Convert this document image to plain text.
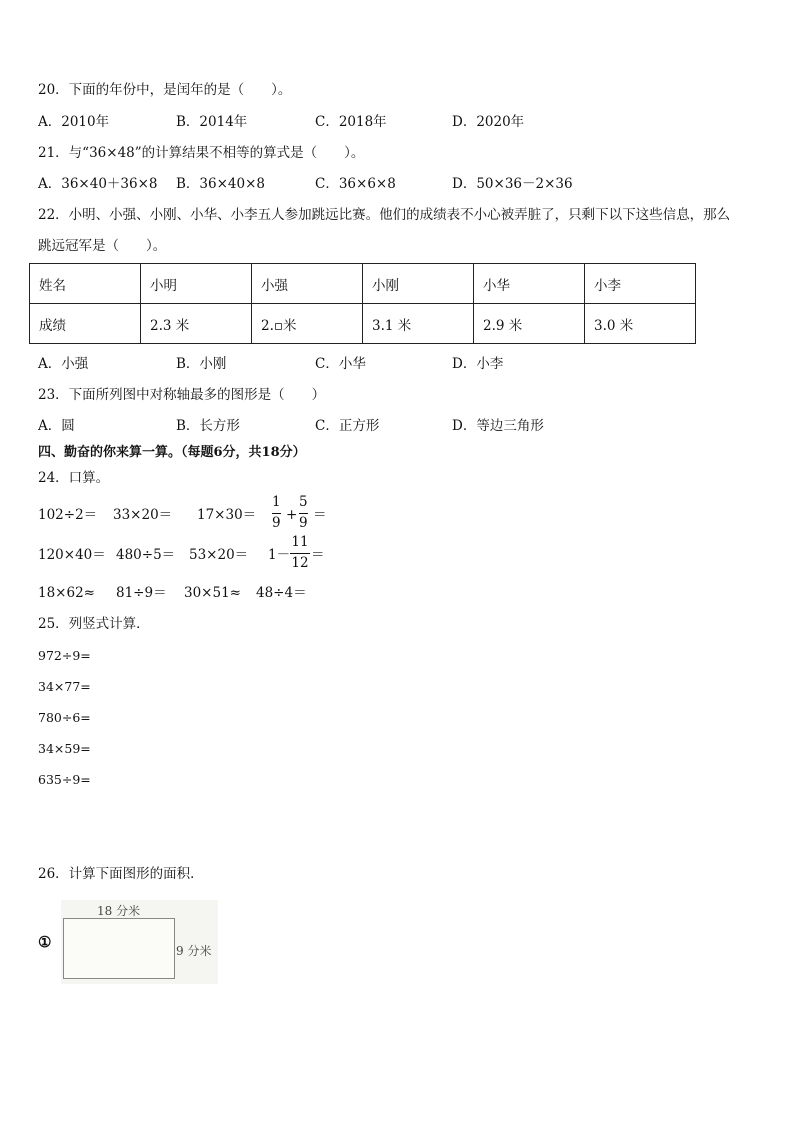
20．下面的年份中，是闰年的是（　　）。
A．2010年	B．2014年	C．2018年	D．2020年
21．与“36×48”的计算结果不相等的算式是（　　）。
A．36×40＋36×8 B．36×40×8	C．36×6×8	D．50×36－2×36
22．小明、小强、小刚、小华、小李五人参加跳远比赛。他们的成绩表不小心被弄脏了，只剩下以下这些信息，那么
跳远冠军是（　　）。
姓名	小明	小强	小刚	小华	小李
成绩	2.3 米	2.▫米	3.1 米	2.9 米	3.0 米
A．小强	B．小刚	C．小华	D．小李
23．下面所列图中对称轴最多的图形是（　　）
A．圆	B．长方形	C．正方形	D．等边三角形
四、勤奋的你来算一算。（每题6分，共18分）
24．口算。
102÷2＝ 33×20＝ 17×30＝
1
9 +
5
9 ＝
120×40＝ 480÷5＝ 53×20＝ 1－
11
12 ＝
18×62≈ 81÷9＝ 30×51≈ 48÷4＝
25．列竖式计算．
972÷9=
34×77=
780÷6=
34×59=
635÷9=
26．计算下面图形的面积．
①
18 分米
9 分米
